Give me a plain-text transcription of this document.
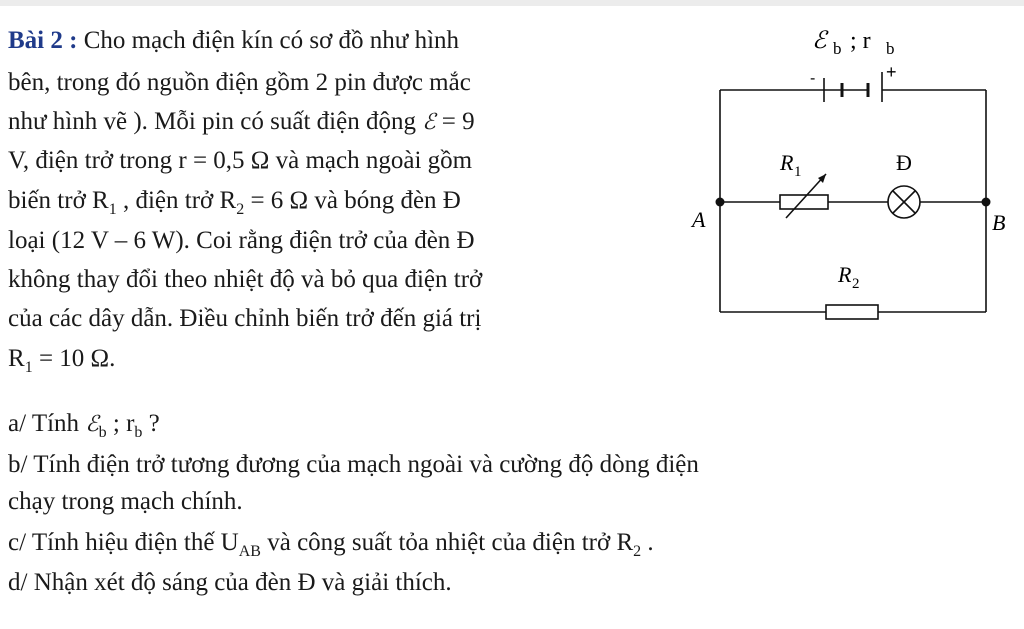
Bài 2 : Cho mạch điện kín có sơ đồ như hình
bên, trong đó nguồn điện gồm 2 pin được mắc
như hình vẽ ). Mỗi pin có suất điện động ℰ = 9
V, điện trở trong r = 0,5 Ω và mạch ngoài gồm
biến trở $R_1$ , điện trở $R_2 = 6$ Ω và bóng đèn Đ
loại (12 V – 6 W). Coi rằng điện trở của đèn Đ
không thay đổi theo nhiệt độ và bỏ qua điện trở
của các dây dẫn. Điều chỉnh biến trở đến giá trị
$R_1 = 10$ Ω.
a/ Tính ℰ$_b$ ; $r_b$ ?
b/ Tính điện trở tương đương của mạch ngoài và cường độ dòng điện
chạy trong mạch chính.
c/ Tính hiệu điện thế $U_{AB}$ và công suất tỏa nhiệt của điện trở $R_2$ .
d/ Nhận xét độ sáng của đèn Đ và giải thích.
ℰ b ; r b
-	+
R 1	Đ
A	B
R 2
